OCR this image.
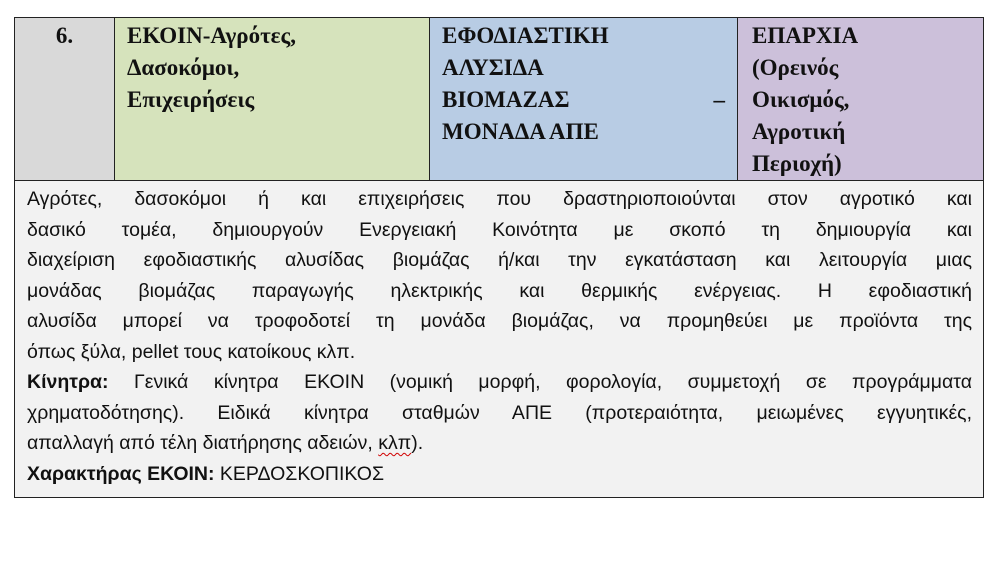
6.	ΕΚΟΙΝ-Αγρότες,
Δασοκόμοι,
Επιχειρήσεις
ΕΦΟΔΙΑΣΤΙΚΗ
ΑΛΥΣΙΔΑ
ΒΙΟΜΑΖΑΣ	–
ΜΟΝΑΔΑ ΑΠΕ
ΕΠΑΡΧΙΑ
(Ορεινός
Οικισμός,
Αγροτική
Περιοχή)
Αγρότες, δασοκόμοι ή και επιχειρήσεις που δραστηριοποιούνται στον αγροτικό και
δασικό τομέα, δημιουργούν Ενεργειακή Κοινότητα με σκοπό τη δημιουργία και
διαχείριση εφοδιαστικής αλυσίδας βιομάζας ή/και την εγκατάσταση και λειτουργία μιας
μονάδας βιομάζας παραγωγής ηλεκτρικής και θερμικής ενέργειας. Η εφοδιαστική
αλυσίδα μπορεί να τροφοδοτεί τη μονάδα βιομάζας, να προμηθεύει με προϊόντα της
όπως ξύλα, pellet τους κατοίκους κλπ.
Κίνητρα: Γενικά κίνητρα ΕΚΟΙΝ (νομική μορφή, φορολογία, συμμετοχή σε προγράμματα
χρηματοδότησης). Ειδικά κίνητρα σταθμών ΑΠΕ (προτεραιότητα, μειωμένες εγγυητικές,
απαλλαγή από τέλη διατήρησης αδειών, κλπ).
Χαρακτήρας ΕΚΟΙΝ: ΚΕΡΔΟΣΚΟΠΙΚΟΣ
